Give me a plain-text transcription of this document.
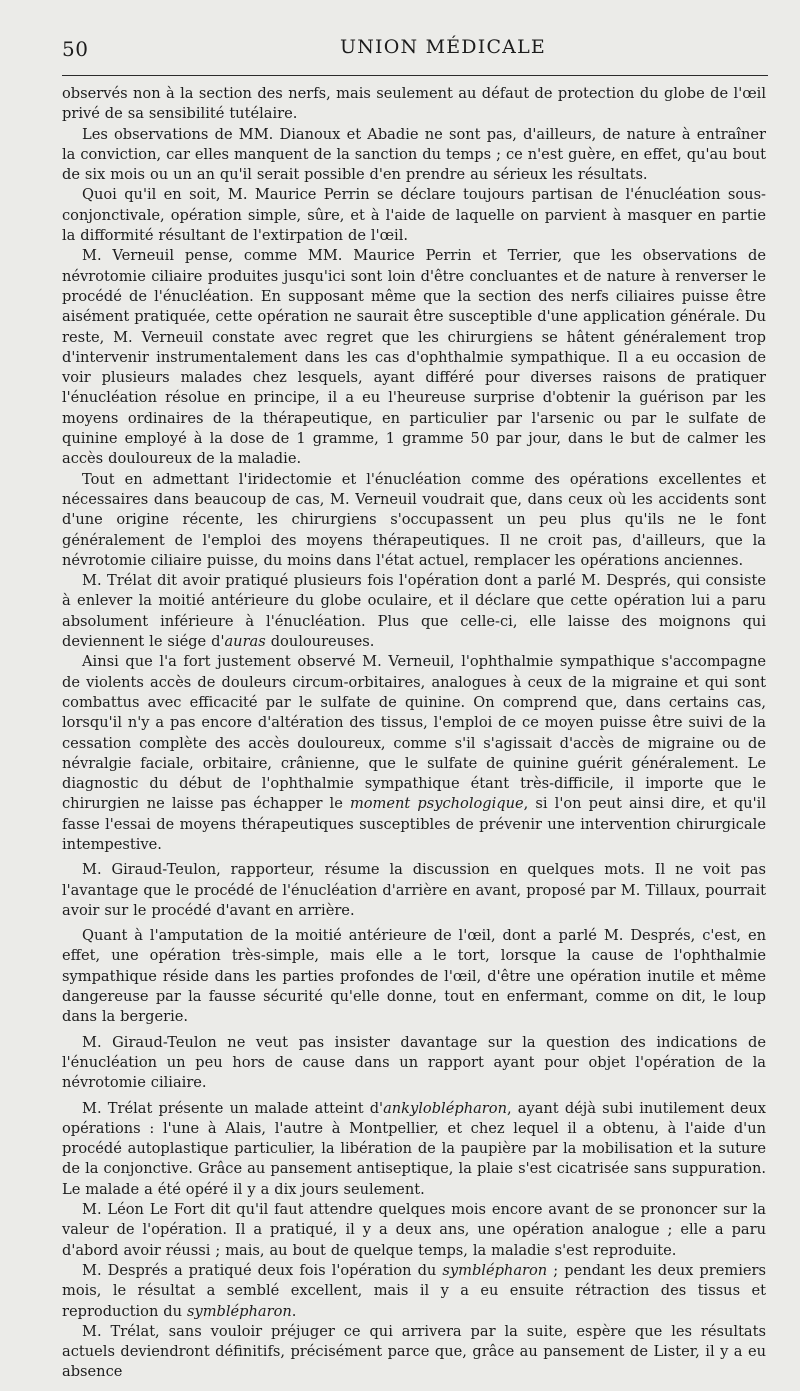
50	UNION MÉDICALE

observés non à la section des nerfs, mais seulement au défaut de protection du globe de l'œil privé de sa sensibilité tutélaire.

Les observations de MM. Dianoux et Abadie ne sont pas, d'ailleurs, de nature à entraîner la conviction, car elles manquent de la sanction du temps ; ce n'est guère, en effet, qu'au bout de six mois ou un an qu'il serait possible d'en prendre au sérieux les résultats.

Quoi qu'il en soit, M. Maurice Perrin se déclare toujours partisan de l'énucléation sous-conjonctivale, opération simple, sûre, et à l'aide de laquelle on parvient à masquer en partie la difformité résultant de l'extirpation de l'œil.

M. Verneuil pense, comme MM. Maurice Perrin et Terrier, que les observations de névrotomie ciliaire produites jusqu'ici sont loin d'être concluantes et de nature à renverser le procédé de l'énucléation. En supposant même que la section des nerfs ciliaires puisse être aisément pratiquée, cette opération ne saurait être susceptible d'une application générale. Du reste, M. Verneuil constate avec regret que les chirurgiens se hâtent généralement trop d'intervenir instrumentalement dans les cas d'ophthalmie sympathique. Il a eu occasion de voir plusieurs malades chez lesquels, ayant différé pour diverses raisons de pratiquer l'énucléation résolue en principe, il a eu l'heureuse surprise d'obtenir la guérison par les moyens ordinaires de la thérapeutique, en particulier par l'arsenic ou par le sulfate de quinine employé à la dose de 1 gramme, 1 gramme 50 par jour, dans le but de calmer les accès douloureux de la maladie.

Tout en admettant l'iridectomie et l'énucléation comme des opérations excellentes et nécessaires dans beaucoup de cas, M. Verneuil voudrait que, dans ceux où les accidents sont d'une origine récente, les chirurgiens s'occupassent un peu plus qu'ils ne le font généralement de l'emploi des moyens thérapeutiques. Il ne croit pas, d'ailleurs, que la névrotomie ciliaire puisse, du moins dans l'état actuel, remplacer les opérations anciennes.

M. Trélat dit avoir pratiqué plusieurs fois l'opération dont a parlé M. Després, qui consiste à enlever la moitié antérieure du globe oculaire, et il déclare que cette opération lui a paru absolument inférieure à l'énucléation. Plus que celle-ci, elle laisse des moignons qui deviennent le siége d'auras douloureuses.

Ainsi que l'a fort justement observé M. Verneuil, l'ophthalmie sympathique s'accompagne de violents accès de douleurs circum-orbitaires, analogues à ceux de la migraine et qui sont combattus avec efficacité par le sulfate de quinine. On comprend que, dans certains cas, lorsqu'il n'y a pas encore d'altération des tissus, l'emploi de ce moyen puisse être suivi de la cessation complète des accès douloureux, comme s'il s'agissait d'accès de migraine ou de névralgie faciale, orbitaire, crânienne, que le sulfate de quinine guérit généralement. Le diagnostic du début de l'ophthalmie sympathique étant très-difficile, il importe que le chirurgien ne laisse pas échapper le moment psychologique, si l'on peut ainsi dire, et qu'il fasse l'essai de moyens thérapeutiques susceptibles de prévenir une intervention chirurgicale intempestive.

M. Giraud-Teulon, rapporteur, résume la discussion en quelques mots. Il ne voit pas l'avantage que le procédé de l'énucléation d'arrière en avant, proposé par M. Tillaux, pourrait avoir sur le procédé d'avant en arrière.

Quant à l'amputation de la moitié antérieure de l'œil, dont a parlé M. Després, c'est, en effet, une opération très-simple, mais elle a le tort, lorsque la cause de l'ophthalmie sympathique réside dans les parties profondes de l'œil, d'être une opération inutile et même dangereuse par la fausse sécurité qu'elle donne, tout en enfermant, comme on dit, le loup dans la bergerie.

M. Giraud-Teulon ne veut pas insister davantage sur la question des indications de l'énucléation un peu hors de cause dans un rapport ayant pour objet l'opération de la névrotomie ciliaire.

M. Trélat présente un malade atteint d'ankyloblépharon, ayant déjà subi inutilement deux opérations : l'une à Alais, l'autre à Montpellier, et chez lequel il a obtenu, à l'aide d'un procédé autoplastique particulier, la libération de la paupière par la mobilisation et la suture de la conjonctive. Grâce au pansement antiseptique, la plaie s'est cicatrisée sans suppuration. Le malade a été opéré il y a dix jours seulement.

M. Léon Le Fort dit qu'il faut attendre quelques mois encore avant de se prononcer sur la valeur de l'opération. Il a pratiqué, il y a deux ans, une opération analogue ; elle a paru d'abord avoir réussi ; mais, au bout de quelque temps, la maladie s'est reproduite.

M. Després a pratiqué deux fois l'opération du symblépharon ; pendant les deux premiers mois, le résultat a semblé excellent, mais il y a eu ensuite rétraction des tissus et reproduction du symblépharon.

M. Trélat, sans vouloir préjuger ce qui arrivera par la suite, espère que les résultats actuels deviendront définitifs, précisément parce que, grâce au pansement de Lister, il y a eu absence
